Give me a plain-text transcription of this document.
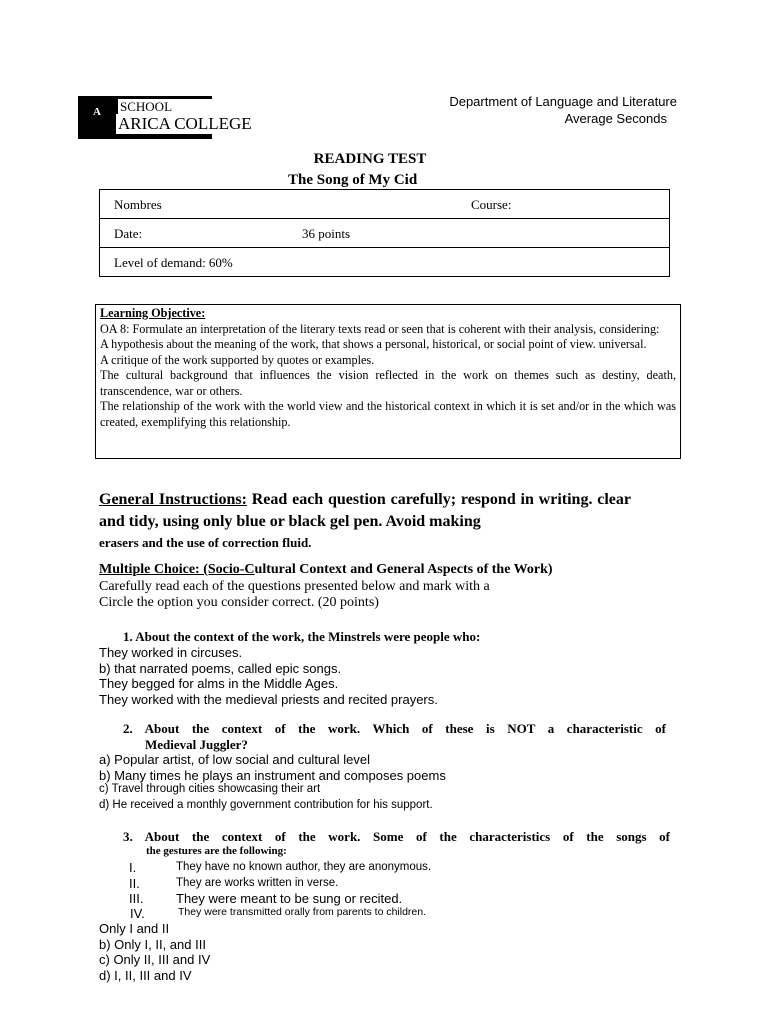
A SCHOOL
ARICA COLLEGE
Department of Language and Literature
Average Seconds
READING TEST
The Song of My Cid
Nombres	Course:
Date:	36 points
Level of demand: 60%
Learning Objective:
OA 8: Formulate an interpretation of the literary texts read or seen that is coherent with their analysis, considering:
A hypothesis about the meaning of the work, that shows a personal, historical, or social point of view. universal.
A critique of the work supported by quotes or examples.
The cultural background that influences the vision reflected in the work on themes such as destiny, death, transcendence, war or others.
The relationship of the work with the world view and the historical context in which it is set and/or in the which was created, exemplifying this relationship.
General Instructions: Read each question carefully; respond in writing. clear and tidy, using only blue or black gel pen. Avoid making
erasers and the use of correction fluid.
Multiple Choice: (Socio-Cultural Context and General Aspects of the Work)
Carefully read each of the questions presented below and mark with a
Circle the option you consider correct. (20 points)
1. About the context of the work, the Minstrels were people who:
They worked in circuses.
b) that narrated poems, called epic songs.
They begged for alms in the Middle Ages.
They worked with the medieval priests and recited prayers.
2. About the context of the work. Which of these is NOT a characteristic of
Medieval Juggler?
a) Popular artist, of low social and cultural level
b) Many times he plays an instrument and composes poems
c) Travel through cities showcasing their art
d) He received a monthly government contribution for his support.
3. About the context of the work. Some of the characteristics of the songs of
the gestures are the following:
I.	They have no known author, they are anonymous.
II.	They are works written in verse.
III.	They were meant to be sung or recited.
IV.	They were transmitted orally from parents to children.
Only I and II
b) Only I, II, and III
c) Only II, III and IV
d) I, II, III and IV
